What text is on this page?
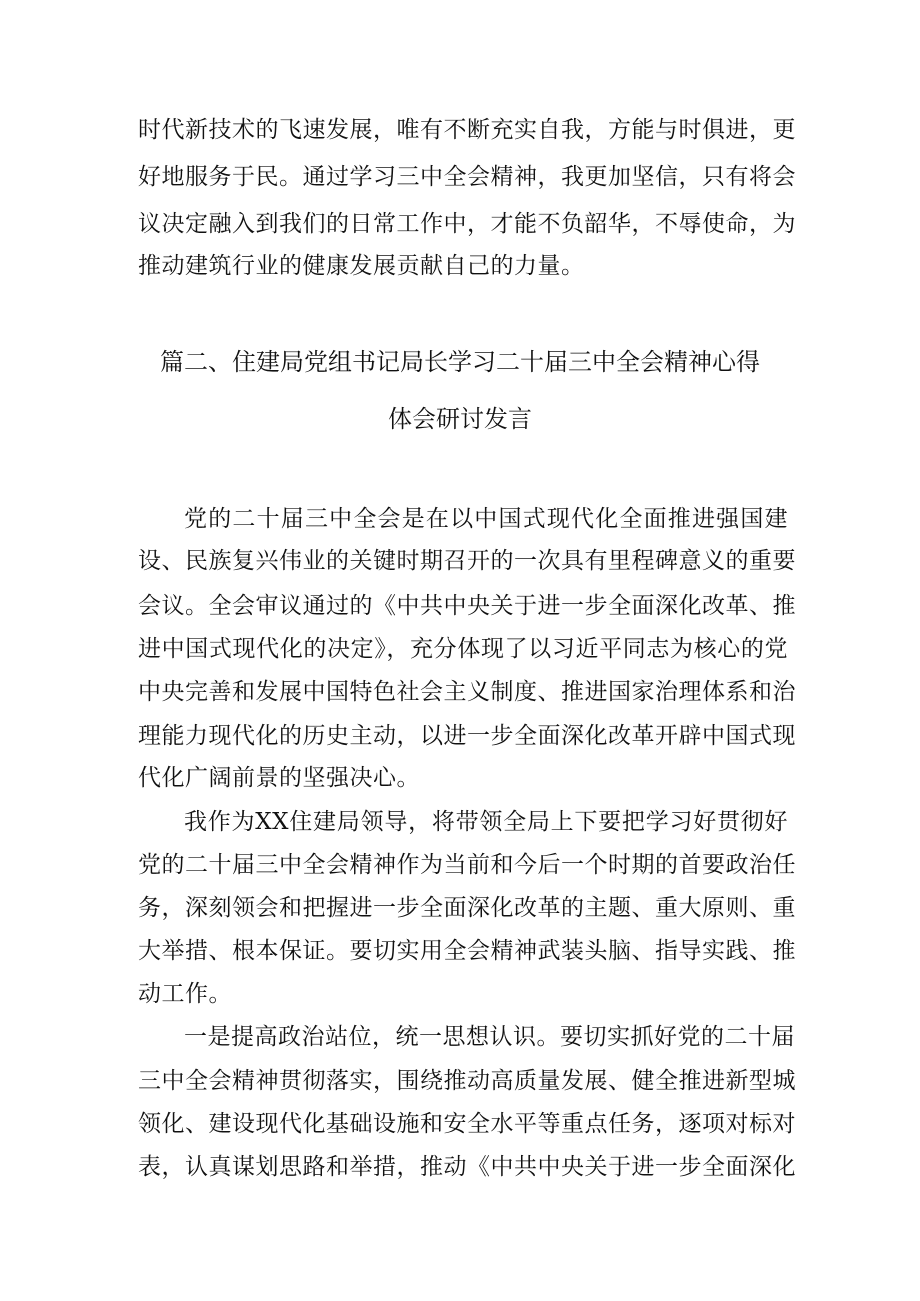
时代新技术的飞速发展，唯有不断充实自我，方能与时俱进，更
好地服务于民。通过学习三中全会精神，我更加坚信，只有将会
议决定融入到我们的日常工作中，才能不负韶华，不辱使命，为
推动建筑行业的健康发展贡献自己的力量。
篇二、住建局党组书记局长学习二十届三中全会精神心得
体会研讨发言
党的二十届三中全会是在以中国式现代化全面推进强国建
设、民族复兴伟业的关键时期召开的一次具有里程碑意义的重要
会议。全会审议通过的《中共中央关于进一步全面深化改革、推
进中国式现代化的决定》，充分体现了以习近平同志为核心的党
中央完善和发展中国特色社会主义制度、推进国家治理体系和治
理能力现代化的历史主动，以进一步全面深化改革开辟中国式现
代化广阔前景的坚强决心。
我作为XX住建局领导，将带领全局上下要把学习好贯彻好
党的二十届三中全会精神作为当前和今后一个时期的首要政治任
务，深刻领会和把握进一步全面深化改革的主题、重大原则、重
大举措、根本保证。要切实用全会精神武装头脑、指导实践、推
动工作。
一是提高政治站位，统一思想认识。要切实抓好党的二十届
三中全会精神贯彻落实，围绕推动高质量发展、健全推进新型城
领化、建设现代化基础设施和安全水平等重点任务，逐项对标对
表，认真谋划思路和举措，推动《中共中央关于进一步全面深化
